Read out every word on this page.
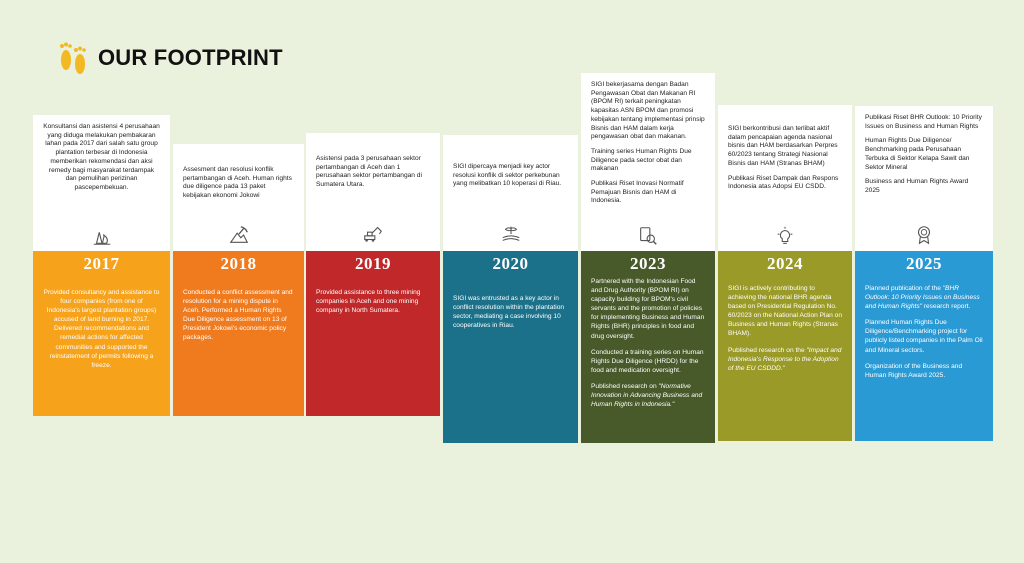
OUR FOOTPRINT

Konsultansi dan asistensi 4 perusahaan yang diduga melakukan pembakaran lahan pada 2017 dari salah satu group plantation terbesar di Indonesia memberikan rekomendasi dan aksi remedy bagi masyarakat terdampak dan pemulihan perizinan pascepembekuan.

2017

Provided consultancy and assistance to four companies (from one of Indonesia's largest plantation groups) accused of land burning in 2017. Delivered recommendations and remedial actions for affected communities and supported the reinstatement of permits following a freeze.

Assesment dan resolusi konflik pertambangan di Aceh. Human rights due diligence pada 13 paket kebijakan ekonomi Jokowi

2018

Conducted a conflict assessment and resolution for a mining dispute in Aceh. Performed a Human Rights Due Diligence assessment on 13 of President Jokowi's economic policy packages.

Asistensi pada 3 perusahaan sektor pertambangan di Aceh dan 1 perusahaan sektor pertambangan di Sumatera Utara.

2019

Provided assistance to three mining companies in Aceh and one mining company in North Sumatera.

SIGI dipercaya menjadi key actor resolusi konflik di sektor perkebunan yang melibatkan 10 koperasi di Riau.

2020

SIGI was entrusted as a key actor in conflict resolution within the plantation sector, mediating a case involving 10 cooperatives in Riau.

SIGI bekerjasama dengan Badan Pengawasan Obat dan Makanan RI (BPOM RI) terkait peningkatan kapasitas ASN BPOM dan promosi kebijakan tentang implementasi prinsip Bisnis dan HAM dalam kerja pengawasan obat dan makanan.

Training series Human Rights Due Diligence pada sector obat dan makanan

Publikasi Riset Inovasi Normatif Pemajuan Bisnis dan HAM di Indonesia.

2023

Partnered with the Indonesian Food and Drug Authority (BPOM RI) on capacity building for BPOM's civil servants and the promotion of policies for implementing Business and Human Rights (BHR) principles in food and drug oversight.

Conducted a training series on Human Rights Due Diligence (HRDD) for the food and medication oversight.

Published research on "Normative Innovation in Advancing Business and Human Rights in Indonesia."

SIGI berkontribusi dan terlibat aktif dalam pencapaian agenda nasional bisnis dan HAM berdasarkan Perpres 60/2023 tentang Strategi Nasional Bisnis dan HAM (Stranas BHAM)

Publikasi Riset Dampak dan Respons Indonesia atas Adopsi EU CSDD.

2024

SIGI is actively contributing to achieving the national BHR agenda based on Presidential Regulation No. 60/2023 on the National Action Plan on Business and Human Rights (Stranas BHAM).

Published research on the "Impact and Indonesia's Response to the Adoption of the EU CSDDD."

Publikasi Riset BHR Outlook: 10 Priority Issues on Business and Human Rights

Human Rights Due Diligence/ Benchmarking pada Perusahaan Terbuka di Sektor Kelapa Sawit dan Sektor Mineral

Business and Human Rights Award 2025

2025

Planned publication of the "BHR Outlook: 10 Priority Issues on Business and Human Rights" research report.

Planned Human Rights Due Diligence/Benchmarking project for publicly listed companies in the Palm Oil and Mineral sectors.

Organization of the Business and Human Rights Award 2025.
